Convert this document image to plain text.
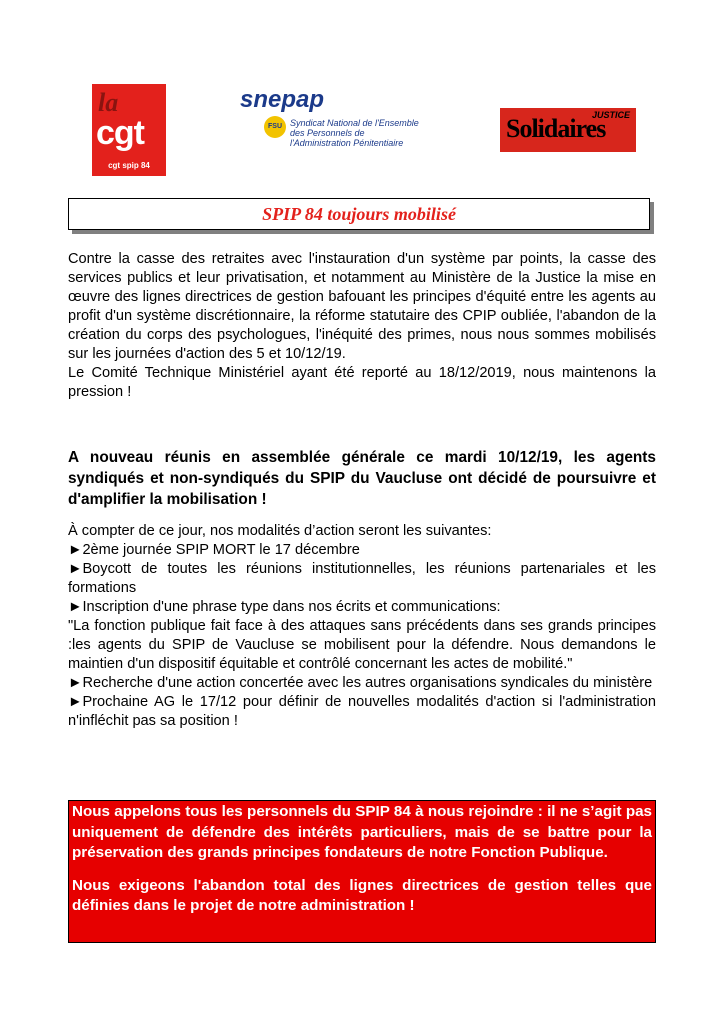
la
cgt
cgt spip 84
snepap
FSU Syndicat National de l'Ensemble des Personnels de l'Administration Pénitentiaire	Solidaires
JUSTICE
SPIP 84 toujours mobilisé
Contre la casse des retraites avec l'instauration d'un système par points, la casse des services publics et leur privatisation, et notamment au Ministère de la Justice la mise en œuvre des lignes directrices de gestion bafouant les principes d'équité entre les agents au profit d'un système discrétionnaire, la réforme statutaire des CPIP oubliée, l'abandon de la création du corps des psychologues, l'inéquité des primes, nous nous sommes mobilisés sur les journées d'action des 5 et 10/12/19.
Le Comité Technique Ministériel ayant été reporté au 18/12/2019, nous maintenons la pression !
A nouveau réunis en assemblée générale ce mardi 10/12/19, les agents syndiqués et non-syndiqués du SPIP du Vaucluse ont décidé de poursuivre et d'amplifier la mobilisation !
À compter de ce jour, nos modalités d’action seront les suivantes:
►2ème journée SPIP MORT le 17 décembre
►Boycott de toutes les réunions institutionnelles, les réunions partenariales et les formations
►Inscription d'une phrase type dans nos écrits et communications:
"La fonction publique fait face à des attaques sans précédents dans ses grands principes :les agents du SPIP de Vaucluse se mobilisent pour la défendre. Nous demandons le maintien d'un dispositif équitable et contrôlé concernant les actes de mobilité."
►Recherche d'une action concertée avec les autres organisations syndicales du ministère
►Prochaine AG le 17/12 pour définir de nouvelles modalités d'action si l'administration n'infléchit pas sa position !

Nous appelons tous les personnels du SPIP 84 à nous rejoindre : il ne s’agit pas uniquement de défendre des intérêts particuliers, mais de se battre pour la préservation des grands principes fondateurs de notre Fonction Publique.

Nous exigeons l'abandon total des lignes directrices de gestion telles que définies dans le projet de notre administration !
